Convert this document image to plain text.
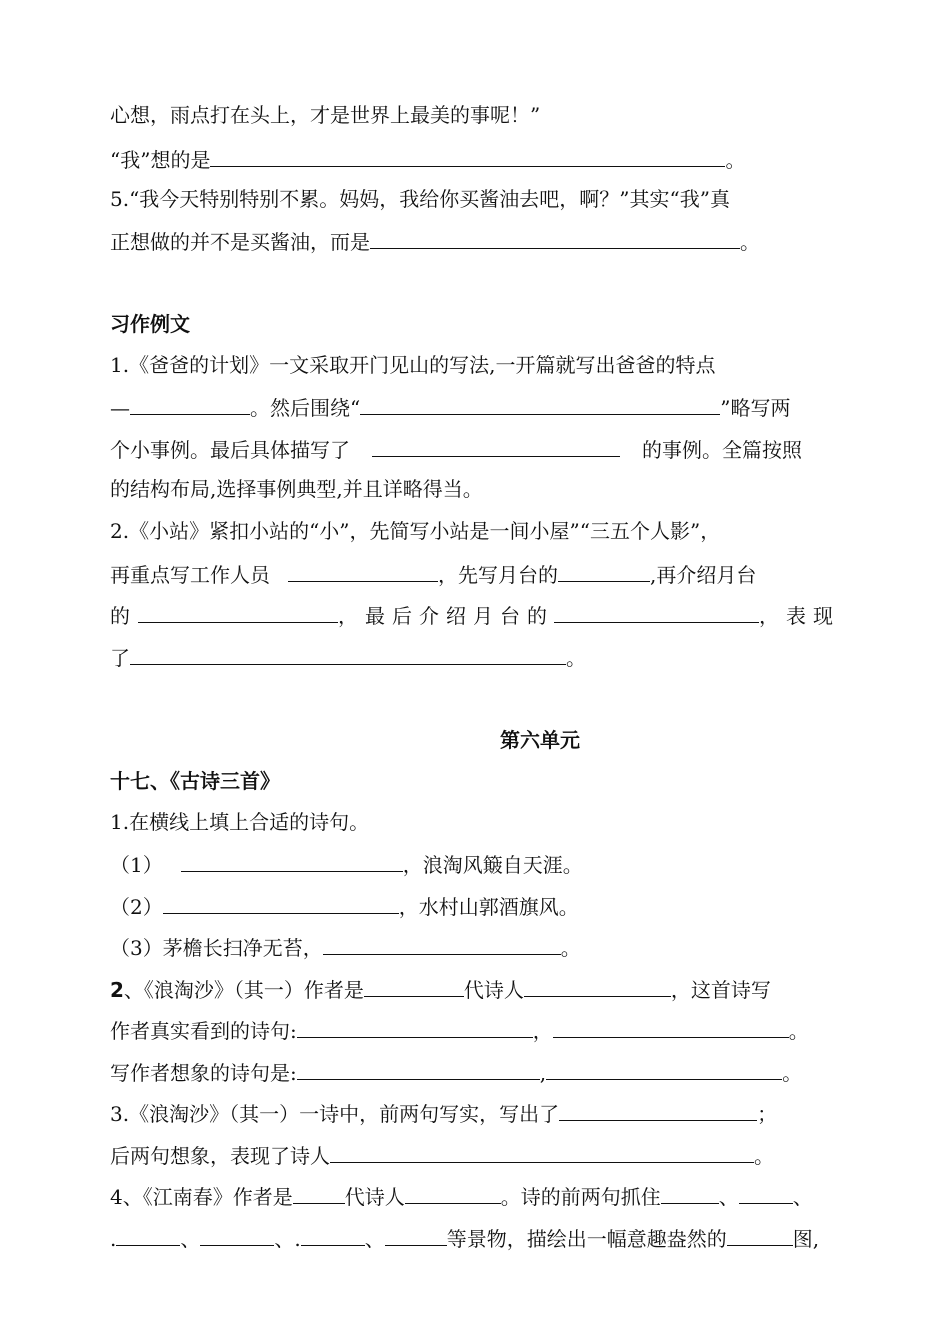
心想，雨点打在头上，才是世界上最美的事呢！”
“我”想的是	。
5.“我今天特别特别不累。妈妈，我给你买酱油去吧，啊？”其实“我”真
正想做的并不是买酱油，而是	。
习作例文
1.《爸爸的计划》一文采取开门见山的写法,一开篇就写出爸爸的特点
—	。然后围绕“	”略写两
个小事例。最后具体描写了	的事例。全篇按照
的结构布局,选择事例典型,并且详略得当。
2.《小站》紧扣小站的“小”，先简写小站是一间小屋”“三五个人影”，
再重点写工作人员	，先写月台的	,再介绍月台
的	，最后介绍月台的	，表现
了	。
第六单元
十七、《古诗三首》
1.在横线上填上合适的诗句。
（1）	，浪淘风簸自天涯。
（2）	，水村山郭酒旗风。
（3）茅檐长扫净无苔，	。
2、《浪淘沙》（其一）作者是	代诗人	，这首诗写
作者真实看到的诗句:	，	。
写作者想象的诗句是:	,	。
3.《浪淘沙》（其一）一诗中，前两句写实，写出了	；
后两句想象，表现了诗人	。
4、《江南春》作者是	代诗人	。诗的前两句抓住	、	、
.	、	、.	、	等景物，描绘出一幅意趣盎然的	图,
